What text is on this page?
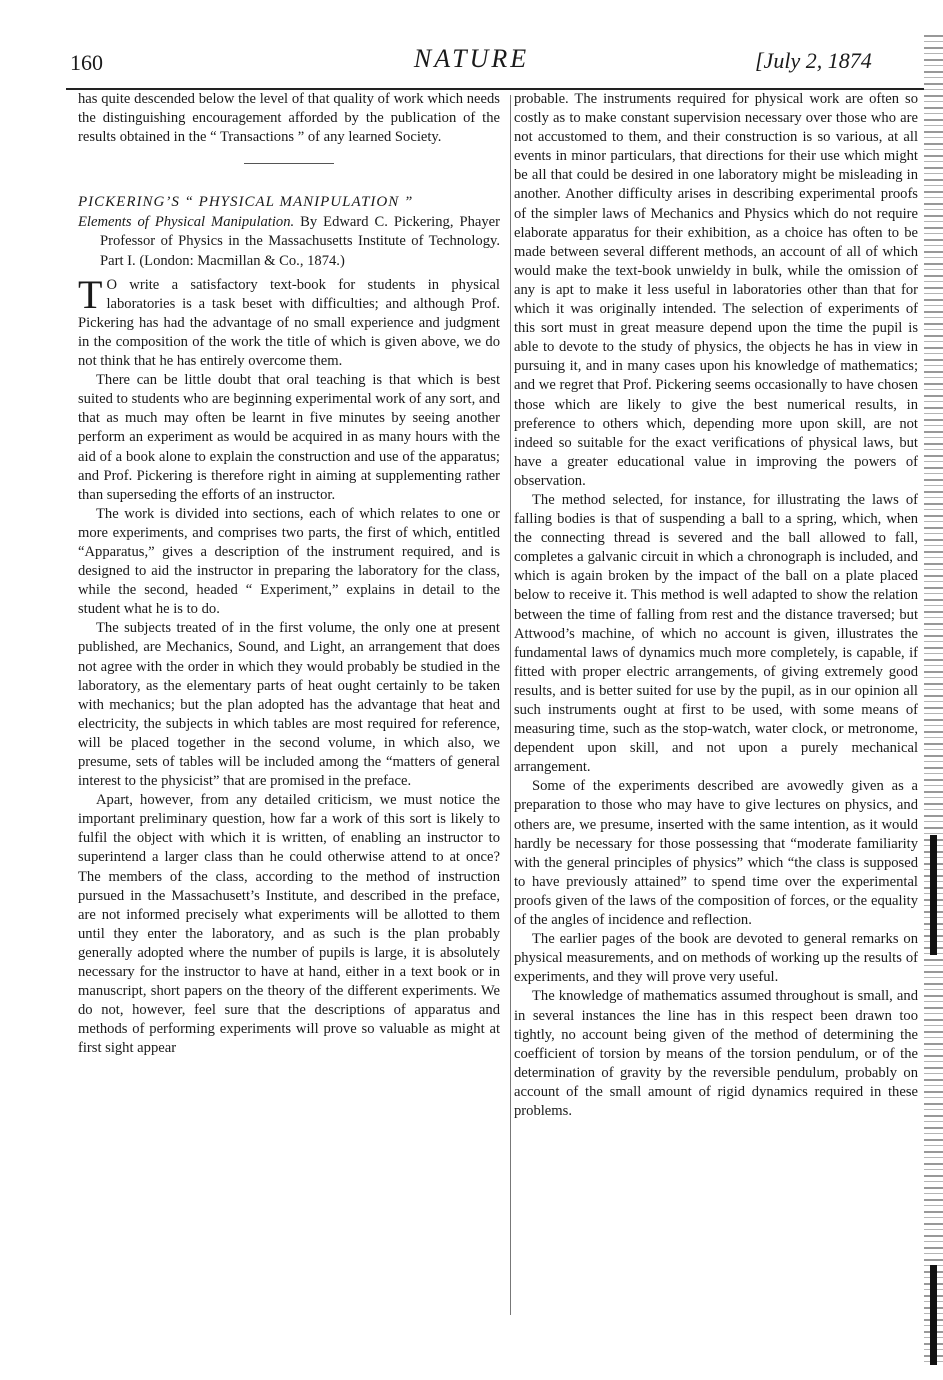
160	NATURE	[July 2, 1874

has quite descended below the level of that quality of work which needs the distinguishing encouragement afforded by the publication of the results obtained in the “ Transactions ” of any learned Society.

PICKERING’S “ PHYSICAL MANIPULATION ”

Elements of Physical Manipulation. By Edward C. Pickering, Phayer Professor of Physics in the Massachusetts Institute of Technology. Part I. (London: Macmillan & Co., 1874.)

T O write a satisfactory text-book for students in physical laboratories is a task beset with difficulties; and although Prof. Pickering has had the advantage of no small experience and judgment in the composition of the work the title of which is given above, we do not think that he has entirely overcome them.

There can be little doubt that oral teaching is that which is best suited to students who are beginning experimental work of any sort, and that as much may often be learnt in five minutes by seeing another perform an experiment as would be acquired in as many hours with the aid of a book alone to explain the construction and use of the apparatus; and Prof. Pickering is therefore right in aiming at supplementing rather than superseding the efforts of an instructor.

The work is divided into sections, each of which relates to one or more experiments, and comprises two parts, the first of which, entitled “Apparatus,” gives a description of the instrument required, and is designed to aid the instructor in preparing the laboratory for the class, while the second, headed “ Experiment,” explains in detail to the student what he is to do.

The subjects treated of in the first volume, the only one at present published, are Mechanics, Sound, and Light, an arrangement that does not agree with the order in which they would probably be studied in the laboratory, as the elementary parts of heat ought certainly to be taken with mechanics; but the plan adopted has the advantage that heat and electricity, the subjects in which tables are most required for reference, will be placed together in the second volume, in which also, we presume, sets of tables will be included among the “matters of general interest to the physicist” that are promised in the preface.

Apart, however, from any detailed criticism, we must notice the important preliminary question, how far a work of this sort is likely to fulfil the object with which it is written, of enabling an instructor to superintend a larger class than he could otherwise attend to at once? The members of the class, according to the method of instruction pursued in the Massachusett’s Institute, and described in the preface, are not informed precisely what experiments will be allotted to them until they enter the laboratory, and as such is the plan probably generally adopted where the number of pupils is large, it is absolutely necessary for the instructor to have at hand, either in a text book or in manuscript, short papers on the theory of the different experiments. We do not, however, feel sure that the descriptions of apparatus and methods of performing experiments will prove so valuable as might at first sight appear

probable. The instruments required for physical work are often so costly as to make constant supervision necessary over those who are not accustomed to them, and their construction is so various, at all events in minor particulars, that directions for their use which might be all that could be desired in one laboratory might be misleading in another. Another difficulty arises in describing experimental proofs of the simpler laws of Mechanics and Physics which do not require elaborate apparatus for their exhibition, as a choice has often to be made between several different methods, an account of all of which would make the text-book unwieldy in bulk, while the omission of any is apt to make it less useful in laboratories other than that for which it was originally intended. The selection of experiments of this sort must in great measure depend upon the time the pupil is able to devote to the study of physics, the objects he has in view in pursuing it, and in many cases upon his knowledge of mathematics; and we regret that Prof. Pickering seems occasionally to have chosen those which are likely to give the best numerical results, in preference to others which, depending more upon skill, are not indeed so suitable for the exact verifications of physical laws, but have a greater educational value in improving the powers of observation.

The method selected, for instance, for illustrating the laws of falling bodies is that of suspending a ball to a spring, which, when the connecting thread is severed and the ball allowed to fall, completes a galvanic circuit in which a chronograph is included, and which is again broken by the impact of the ball on a plate placed below to receive it. This method is well adapted to show the relation between the time of falling from rest and the distance traversed; but Attwood’s machine, of which no account is given, illustrates the fundamental laws of dynamics much more completely, is capable, if fitted with proper electric arrangements, of giving extremely good results, and is better suited for use by the pupil, as in our opinion all such instruments ought at first to be used, with some means of measuring time, such as the stop-watch, water clock, or metronome, dependent upon skill, and not upon a purely mechanical arrangement.

Some of the experiments described are avowedly given as a preparation to those who may have to give lectures on physics, and others are, we presume, inserted with the same intention, as it would hardly be necessary for those possessing that “moderate familiarity with the general principles of physics” which “the class is supposed to have previously attained” to spend time over the experimental proofs given of the laws of the composition of forces, or the equality of the angles of incidence and reflection.

The earlier pages of the book are devoted to general remarks on physical measurements, and on methods of working up the results of experiments, and they will prove very useful.

The knowledge of mathematics assumed throughout is small, and in several instances the line has in this respect been drawn too tightly, no account being given of the method of determining the coefficient of torsion by means of the torsion pendulum, or of the determination of gravity by the reversible pendulum, probably on account of the small amount of rigid dynamics required in these problems.
